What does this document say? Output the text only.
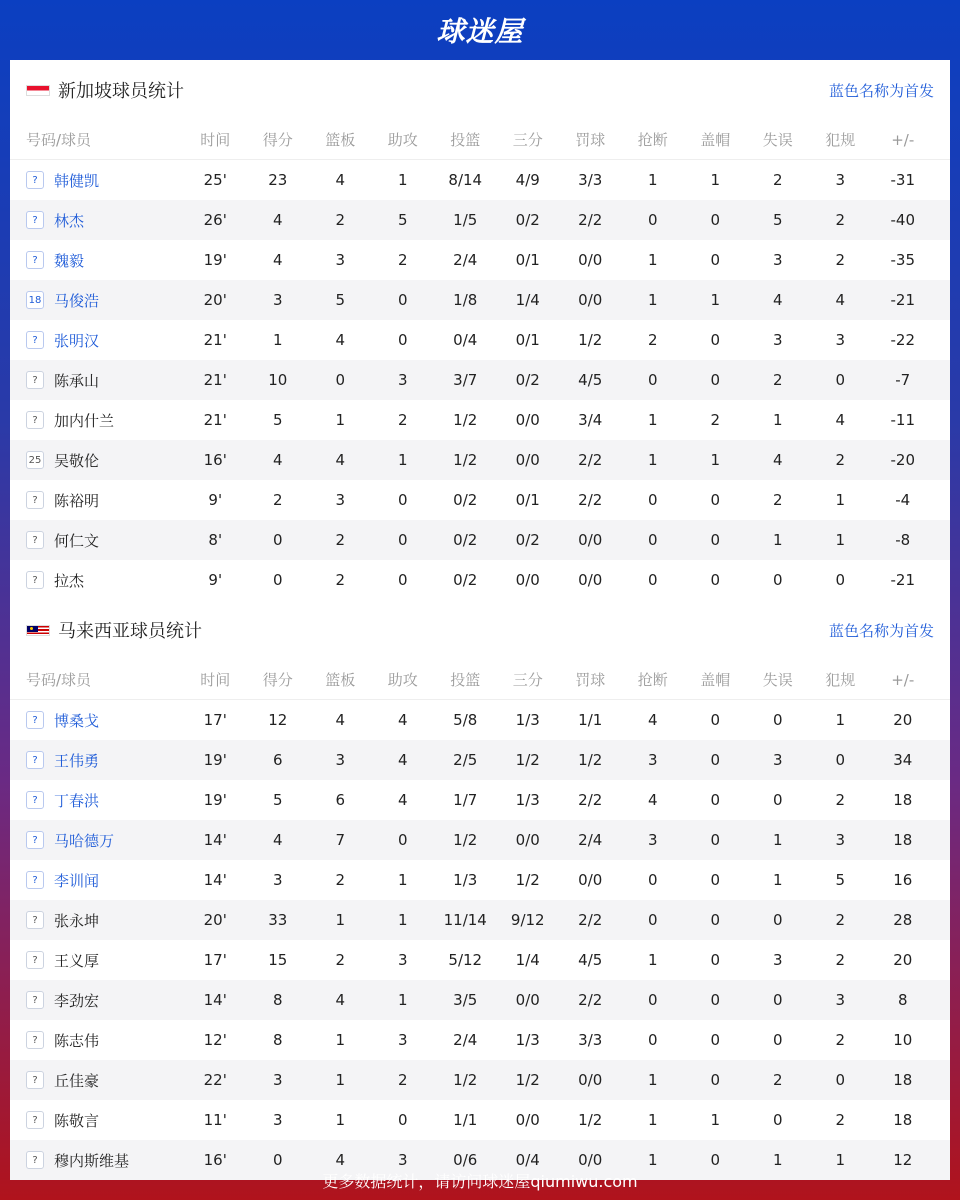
球迷屋
新加坡球员统计	蓝色名称为首发
号码/球员	时间	得分	篮板	助攻	投篮	三分	罚球	抢断	盖帽	失误	犯规	+/-
?	韩健凯	25'	23	4	1	8/14	4/9	3/3	1	1	2	3	-31
?	林杰	26'	4	2	5	1/5	0/2	2/2	0	0	5	2	-40
?	魏毅	19'	4	3	2	2/4	0/1	0/0	1	0	3	2	-35
18 马俊浩	20'	3	5	0	1/8	1/4	0/0	1	1	4	4	-21
?	张明汉	21'	1	4	0	0/4	0/1	1/2	2	0	3	3	-22
?	陈承山	21'	10	0	3	3/7	0/2	4/5	0	0	2	0	-7
?	加内什兰	21'	5	1	2	1/2	0/0	3/4	1	2	1	4	-11
25 吴敬伦	16'	4	4	1	1/2	0/0	2/2	1	1	4	2	-20
?	陈裕明	9'	2	3	0	0/2	0/1	2/2	0	0	2	1	-4
?	何仁文	8'	0	2	0	0/2	0/2	0/0	0	0	1	1	-8
?	拉杰	9'	0	2	0	0/2	0/0	0/0	0	0	0	0	-21
马来西亚球员统计	蓝色名称为首发
号码/球员	时间	得分	篮板	助攻	投篮	三分	罚球	抢断	盖帽	失误	犯规	+/-
?	博桑戈	17'	12	4	4	5/8	1/3	1/1	4	0	0	1	20
?	王伟勇	19'	6	3	4	2/5	1/2	1/2	3	0	3	0	34
?	丁春洪	19'	5	6	4	1/7	1/3	2/2	4	0	0	2	18
?	马哈德万	14'	4	7	0	1/2	0/0	2/4	3	0	1	3	18
?	李训闻	14'	3	2	1	1/3	1/2	0/0	0	0	1	5	16
?	张永坤	20'	33	1	1	11/14	9/12	2/2	0	0	0	2	28
?	王义厚	17'	15	2	3	5/12	1/4	4/5	1	0	3	2	20
?	李劲宏	14'	8	4	1	3/5	0/0	2/2	0	0	0	3	8
?	陈志伟	12'	8	1	3	2/4	1/3	3/3	0	0	0	2	10
?	丘佳豪	22'	3	1	2	1/2	1/2	0/0	1	0	2	0	18
?	陈敬言	11'	3	1	0	1/1	0/0	1/2	1	1	0	2	18
?	穆内斯维基	16'	0	4	3	0/6	0/4	0/0	1	0	1	1	12
更多数据统计，请访问球迷屋qiumiwu.com
